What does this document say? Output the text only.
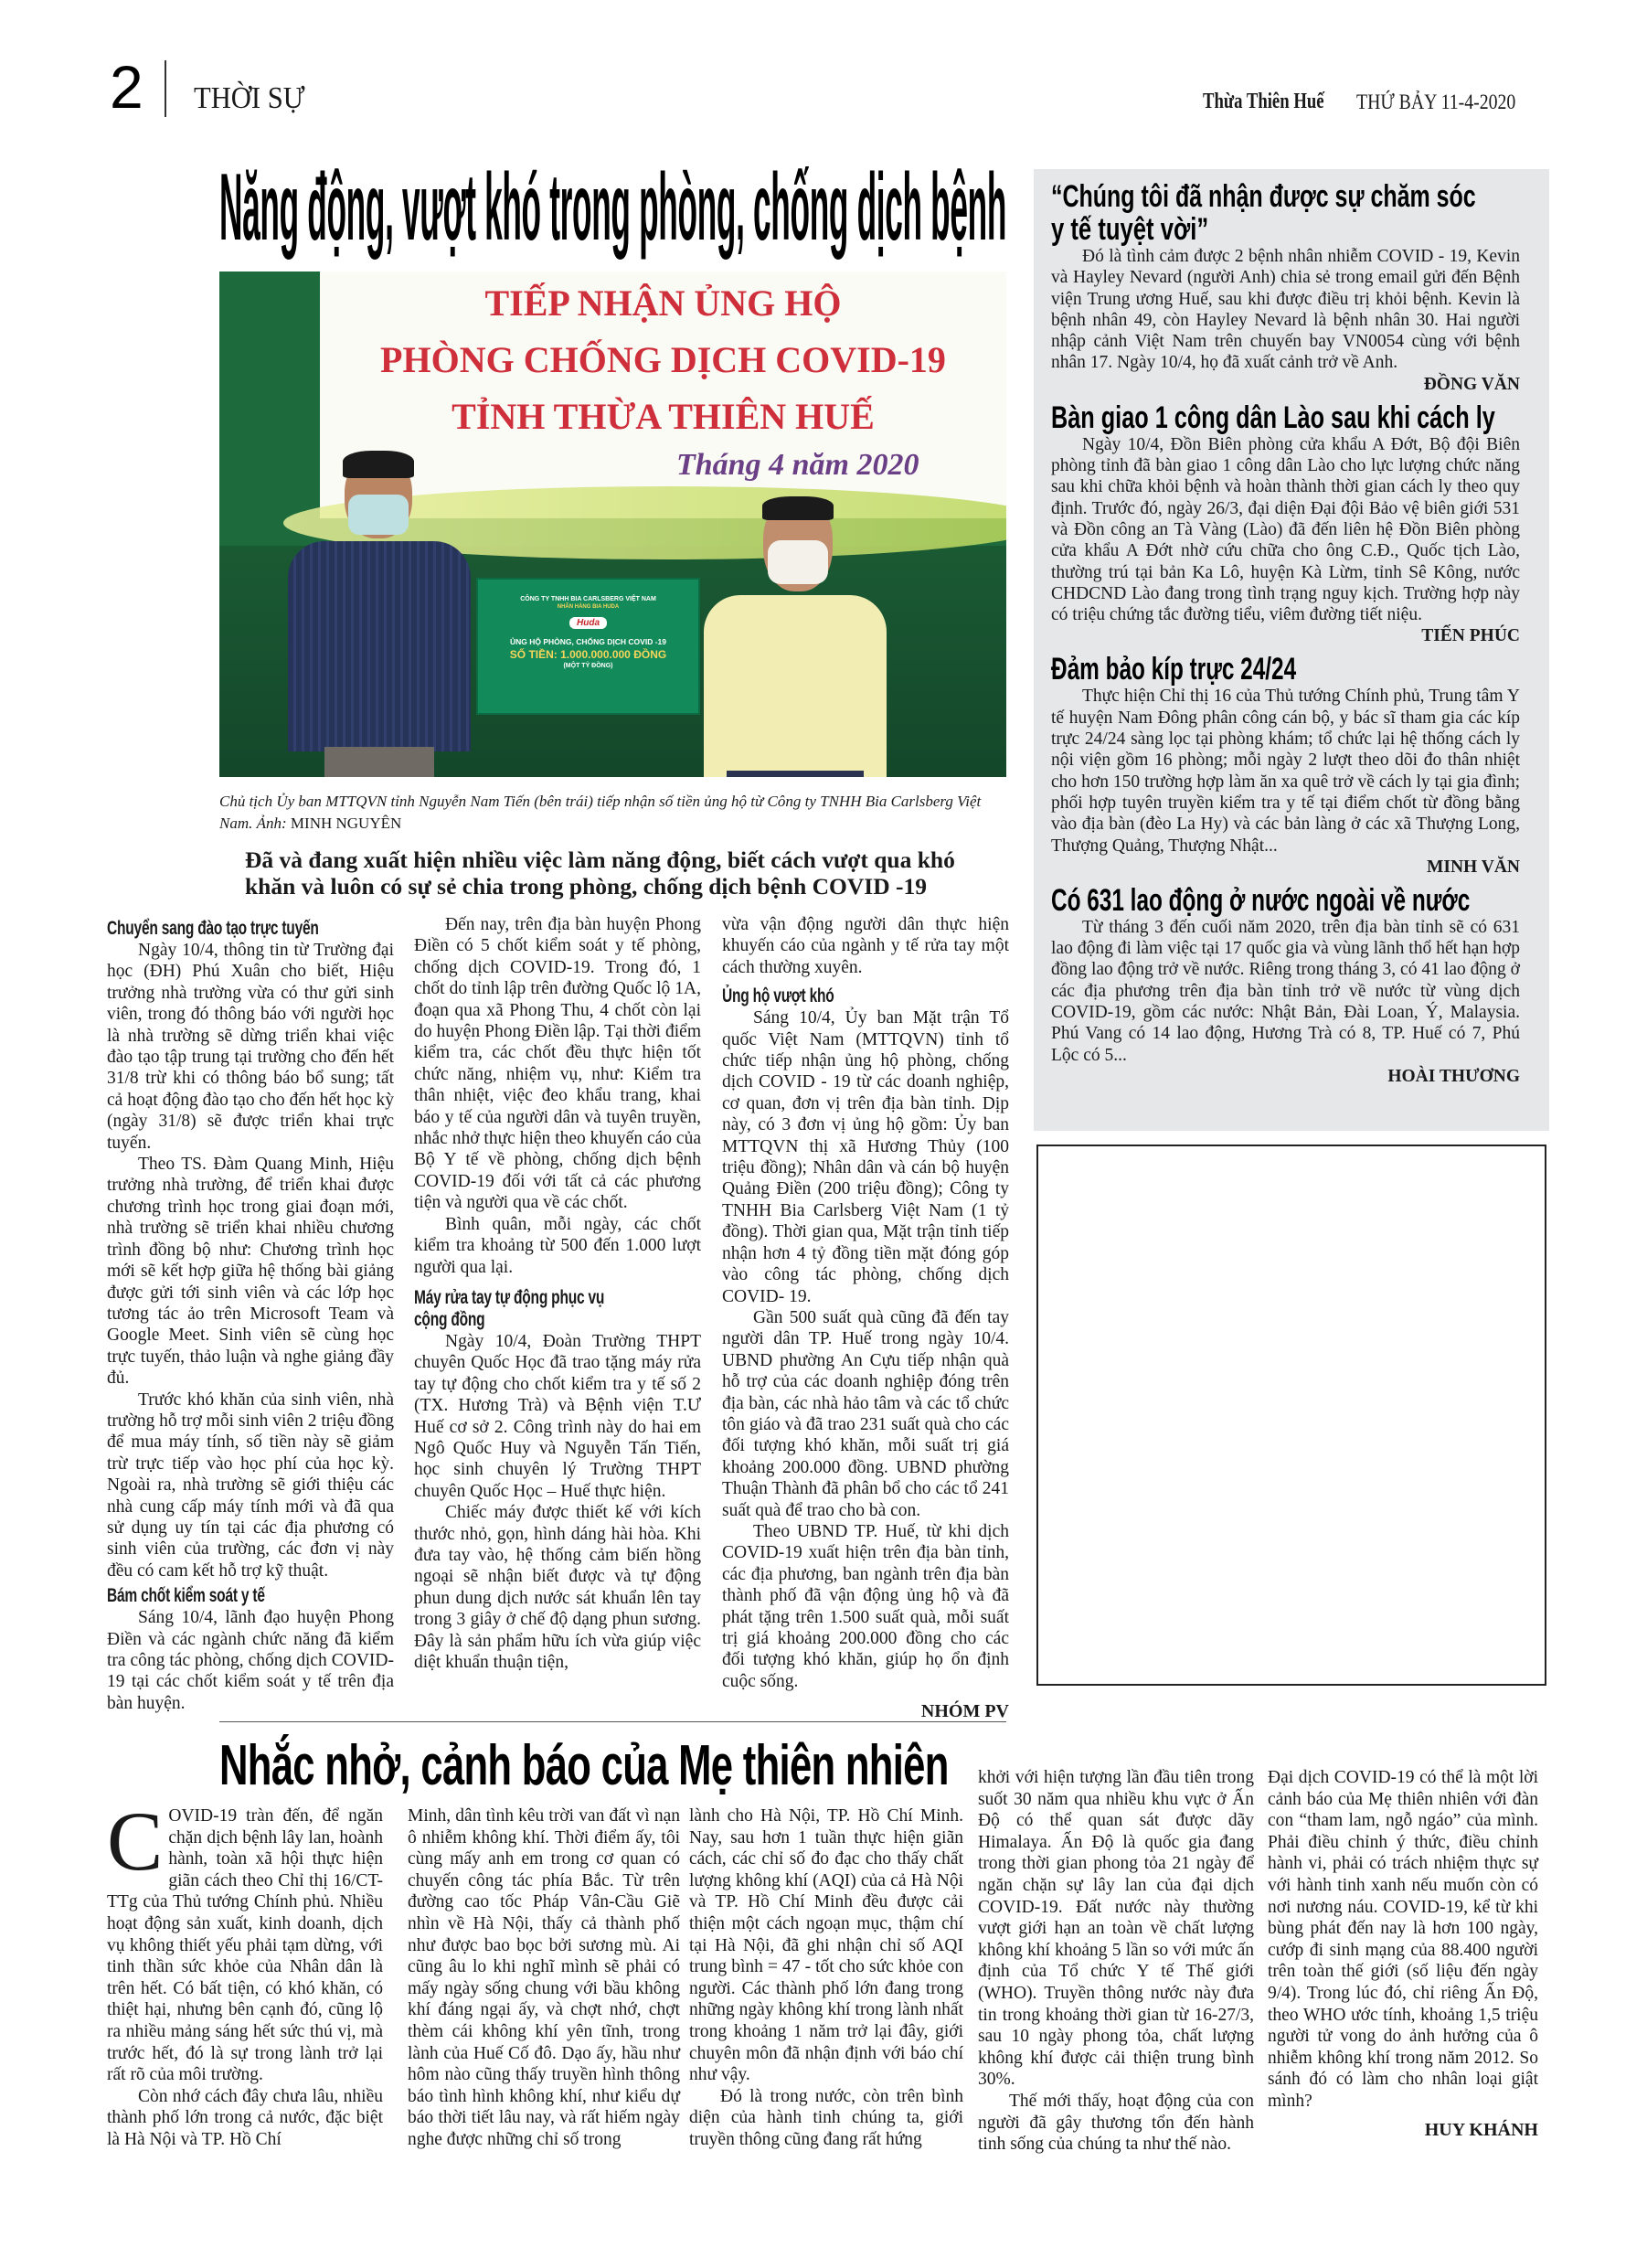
2 THỜI SỰ	Thừa Thiên Huế THỨ BẢY 11-4-2020
Năng động, vượt khó trong phòng, chống dịch bệnh
TIẾP NHẬN ỦNG HỘ
PHÒNG CHỐNG DỊCH COVID-19
TỈNH THỪA THIÊN HUẾ
Tháng 4 năm 2020
CÔNG TY TNHH BIA CARLSBERG VIỆT NAM
NHÃN HÀNG BIA HUDA
Huda
ỦNG HỘ PHÒNG, CHỐNG DỊCH COVID -19
SỐ TIỀN: 1.000.000.000 ĐỒNG
(MỘT TỶ ĐỒNG)
Chủ tịch Ủy ban MTTQVN tỉnh Nguyễn Nam Tiến (bên trái) tiếp nhận số tiền ủng hộ từ Công ty TNHH Bia Carlsberg Việt Nam. Ảnh: MINH NGUYÊN
Đã và đang xuất hiện nhiều việc làm năng động, biết cách vượt qua khó khăn và luôn có sự sẻ chia trong phòng, chống dịch bệnh COVID -19
Chuyển sang đào tạo trực tuyến

Ngày 10/4, thông tin từ Trường đại học (ĐH) Phú Xuân cho biết, Hiệu trưởng nhà trường vừa có thư gửi sinh viên, trong đó thông báo với người học là nhà trường sẽ dừng triển khai việc đào tạo tập trung tại trường cho đến hết 31/8 trừ khi có thông báo bổ sung; tất cả hoạt động đào tạo cho đến hết học kỳ (ngày 31/8) sẽ được triển khai trực tuyến.

Theo TS. Đàm Quang Minh, Hiệu trưởng nhà trường, để triển khai được chương trình học trong giai đoạn mới, nhà trường sẽ triển khai nhiều chương trình đồng bộ như: Chương trình học mới sẽ kết hợp giữa hệ thống bài giảng được gửi tới sinh viên và các lớp học tương tác ảo trên Microsoft Team và Google Meet. Sinh viên sẽ cùng học trực tuyến, thảo luận và nghe giảng đầy đủ.

Trước khó khăn của sinh viên, nhà trường hỗ trợ mỗi sinh viên 2 triệu đồng để mua máy tính, số tiền này sẽ giảm trừ trực tiếp vào học phí của học kỳ. Ngoài ra, nhà trường sẽ giới thiệu các nhà cung cấp máy tính mới và đã qua sử dụng uy tín tại các địa phương có sinh viên của trường, các đơn vị này đều có cam kết hỗ trợ kỹ thuật.

Bám chốt kiểm soát y tế

Sáng 10/4, lãnh đạo huyện Phong Điền và các ngành chức năng đã kiểm tra công tác phòng, chống dịch COVID-19 tại các chốt kiểm soát y tế trên địa bàn huyện.

Đến nay, trên địa bàn huyện Phong Điền có 5 chốt kiểm soát y tế phòng, chống dịch COVID-19. Trong đó, 1 chốt do tỉnh lập trên đường Quốc lộ 1A, đoạn qua xã Phong Thu, 4 chốt còn lại do huyện Phong Điền lập. Tại thời điểm kiểm tra, các chốt đều thực hiện tốt chức năng, nhiệm vụ, như: Kiểm tra thân nhiệt, việc đeo khẩu trang, khai báo y tế của người dân và tuyên truyền, nhắc nhở thực hiện theo khuyến cáo của Bộ Y tế về phòng, chống dịch bệnh COVID-19 đối với tất cả các phương tiện và người qua về các chốt.

Bình quân, mỗi ngày, các chốt kiểm tra khoảng từ 500 đến 1.000 lượt người qua lại.

Máy rửa tay tự động phục vụ
cộng đồng

Ngày 10/4, Đoàn Trường THPT chuyên Quốc Học đã trao tặng máy rửa tay tự động cho chốt kiểm tra y tế số 2 (TX. Hương Trà) và Bệnh viện T.Ư Huế cơ sở 2. Công trình này do hai em Ngô Quốc Huy và Nguyễn Tấn Tiến, học sinh chuyên lý Trường THPT chuyên Quốc Học – Huế thực hiện.

Chiếc máy được thiết kế với kích thước nhỏ, gọn, hình dáng hài hòa. Khi đưa tay vào, hệ thống cảm biến hồng ngoại sẽ nhận biết được và tự động phun dung dịch nước sát khuẩn lên tay trong 3 giây ở chế độ dạng phun sương. Đây là sản phẩm hữu ích vừa giúp việc diệt khuẩn thuận tiện,

vừa vận động người dân thực hiện khuyến cáo của ngành y tế rửa tay một cách thường xuyên.

Ủng hộ vượt khó

Sáng 10/4, Ủy ban Mặt trận Tổ quốc Việt Nam (MTTQVN) tỉnh tổ chức tiếp nhận ủng hộ phòng, chống dịch COVID - 19 từ các doanh nghiệp, cơ quan, đơn vị trên địa bàn tỉnh. Dịp này, có 3 đơn vị ủng hộ gồm: Ủy ban MTTQVN thị xã Hương Thủy (100 triệu đồng); Nhân dân và cán bộ huyện Quảng Điền (200 triệu đồng); Công ty TNHH Bia Carlsberg Việt Nam (1 tỷ đồng). Thời gian qua, Mặt trận tỉnh tiếp nhận hơn 4 tỷ đồng tiền mặt đóng góp vào công tác phòng, chống dịch COVID- 19.

Gần 500 suất quà cũng đã đến tay người dân TP. Huế trong ngày 10/4. UBND phường An Cựu tiếp nhận quà hỗ trợ của các doanh nghiệp đóng trên địa bàn, các nhà hảo tâm và các tổ chức tôn giáo và đã trao 231 suất quà cho các đối tượng khó khăn, mỗi suất trị giá khoảng 200.000 đồng. UBND phường Thuận Thành đã phân bổ cho các tổ 241 suất quà để trao cho bà con.

Theo UBND TP. Huế, từ khi dịch COVID-19 xuất hiện trên địa bàn tỉnh, các địa phương, ban ngành trên địa bàn thành phố đã vận động ủng hộ và đã phát tặng trên 1.500 suất quà, mỗi suất trị giá khoảng 200.000 đồng cho các đối tượng khó khăn, giúp họ ổn định cuộc sống.

NHÓM PV

“Chúng tôi đã nhận được sự chăm sóc
y tế tuyệt vời”

Đó là tình cảm được 2 bệnh nhân nhiễm COVID - 19, Kevin và Hayley Nevard (người Anh) chia sẻ trong email gửi đến Bệnh viện Trung ương Huế, sau khi được điều trị khỏi bệnh. Kevin là bệnh nhân 49, còn Hayley Nevard là bệnh nhân 30. Hai người nhập cảnh Việt Nam trên chuyến bay VN0054 cùng với bệnh nhân 17. Ngày 10/4, họ đã xuất cảnh trở về Anh.

ĐỒNG VĂN

Bàn giao 1 công dân Lào sau khi cách ly

Ngày 10/4, Đồn Biên phòng cửa khẩu A Đớt, Bộ đội Biên phòng tỉnh đã bàn giao 1 công dân Lào cho lực lượng chức năng sau khi chữa khỏi bệnh và hoàn thành thời gian cách ly theo quy định. Trước đó, ngày 26/3, đại diện Đại đội Bảo vệ biên giới 531 và Đồn công an Tà Vàng (Lào) đã đến liên hệ Đồn Biên phòng cửa khẩu A Đớt nhờ cứu chữa cho ông C.Đ., Quốc tịch Lào, thường trú tại bản Ka Lô, huyện Kà Lừm, tỉnh Sê Kông, nước CHDCND Lào đang trong tình trạng nguy kịch. Trường hợp này có triệu chứng tắc đường tiểu, viêm đường tiết niệu.

TIẾN PHÚC

Đảm bảo kíp trực 24/24

Thực hiện Chỉ thị 16 của Thủ tướng Chính phủ, Trung tâm Y tế huyện Nam Đông phân công cán bộ, y bác sĩ tham gia các kíp trực 24/24 sàng lọc tại phòng khám; tổ chức lại hệ thống cách ly nội viện gồm 16 phòng; mỗi ngày 2 lượt theo dõi đo thân nhiệt cho hơn 150 trường hợp làm ăn xa quê trở về cách ly tại gia đình; phối hợp tuyên truyền kiểm tra y tế tại điểm chốt từ đồng bằng vào địa bàn (đèo La Hy) và các bản làng ở các xã Thượng Long, Thượng Quảng, Thượng Nhật...

MINH VĂN

Có 631 lao động ở nước ngoài về nước

Từ tháng 3 đến cuối năm 2020, trên địa bàn tỉnh sẽ có 631 lao động đi làm việc tại 17 quốc gia và vùng lãnh thổ hết hạn hợp đồng lao động trở về nước. Riêng trong tháng 3, có 41 lao động ở các địa phương trên địa bàn tỉnh trở về nước từ vùng dịch COVID-19, gồm các nước: Nhật Bản, Đài Loan, Ý, Malaysia. Phú Vang có 14 lao động, Hương Trà có 8, TP. Huế có 7, Phú Lộc có 5...

HOÀI THƯƠNG

Nhắc nhở, cảnh báo của Mẹ thiên nhiên

COVID-19 tràn đến, để ngăn chặn dịch bệnh lây lan, hoành hành, toàn xã hội thực hiện giãn cách theo Chỉ thị 16/CT-TTg của Thủ tướng Chính phủ. Nhiều hoạt động sản xuất, kinh doanh, dịch vụ không thiết yếu phải tạm dừng, với tinh thần sức khỏe của Nhân dân là trên hết. Có bất tiện, có khó khăn, có thiệt hại, nhưng bên cạnh đó, cũng lộ ra nhiều mảng sáng hết sức thú vị, mà trước hết, đó là sự trong lành trở lại rất rõ của môi trường.

Còn nhớ cách đây chưa lâu, nhiều thành phố lớn trong cả nước, đặc biệt là Hà Nội và TP. Hồ Chí

Minh, dân tình kêu trời van đất vì nạn ô nhiễm không khí. Thời điểm ấy, tôi cùng mấy anh em trong cơ quan có chuyến công tác phía Bắc. Từ trên đường cao tốc Pháp Vân-Cầu Giẽ nhìn về Hà Nội, thấy cả thành phố như được bao bọc bởi sương mù. Ai cũng âu lo khi nghĩ mình sẽ phải có mấy ngày sống chung với bầu không khí đáng ngại ấy, và chợt nhớ, chợt thèm cái không khí yên tĩnh, trong lành của Huế Cố đô. Dạo ấy, hầu như hôm nào cũng thấy truyền hình thông báo tình hình không khí, như kiểu dự báo thời tiết lâu nay, và rất hiếm ngày nghe được những chỉ số trong

lành cho Hà Nội, TP. Hồ Chí Minh. Nay, sau hơn 1 tuần thực hiện giãn cách, các chỉ số đo đạc cho thấy chất lượng không khí (AQI) của cả Hà Nội và TP. Hồ Chí Minh đều được cải thiện một cách ngoạn mục, thậm chí tại Hà Nội, đã ghi nhận chỉ số AQI trung bình = 47 - tốt cho sức khỏe con người. Các thành phố lớn đang trong những ngày không khí trong lành nhất trong khoảng 1 năm trở lại đây, giới chuyên môn đã nhận định với báo chí như vậy.

Đó là trong nước, còn trên bình diện của hành tinh chúng ta, giới truyền thông cũng đang rất hứng

khởi với hiện tượng lần đầu tiên trong suốt 30 năm qua nhiều khu vực ở Ấn Độ có thể quan sát được dãy Himalaya. Ấn Độ là quốc gia đang trong thời gian phong tỏa 21 ngày để ngăn chặn sự lây lan của đại dịch COVID-19. Đất nước này thường vượt giới hạn an toàn về chất lượng không khí khoảng 5 lần so với mức ấn định của Tổ chức Y tế Thế giới (WHO). Truyền thông nước này đưa tin trong khoảng thời gian từ 16-27/3, sau 10 ngày phong tỏa, chất lượng không khí được cải thiện trung bình 30%.

Thế mới thấy, hoạt động của con người đã gây thương tổn đến hành tinh sống của chúng ta như thế nào.

Đại dịch COVID-19 có thể là một lời cảnh báo của Mẹ thiên nhiên với đàn con “tham lam, ngỗ ngáo” của mình. Phải điều chỉnh ý thức, điều chỉnh hành vi, phải có trách nhiệm thực sự với hành tinh xanh nếu muốn còn có nơi nương náu. COVID-19, kể từ khi bùng phát đến nay là hơn 100 ngày, cướp đi sinh mạng của 88.400 người trên toàn thế giới (số liệu đến ngày 9/4). Trong lúc đó, chỉ riêng Ấn Độ, theo WHO ước tính, khoảng 1,5 triệu người tử vong do ảnh hưởng của ô nhiễm không khí trong năm 2012. So sánh đó có làm cho nhân loại giật mình?

HUY KHÁNH
